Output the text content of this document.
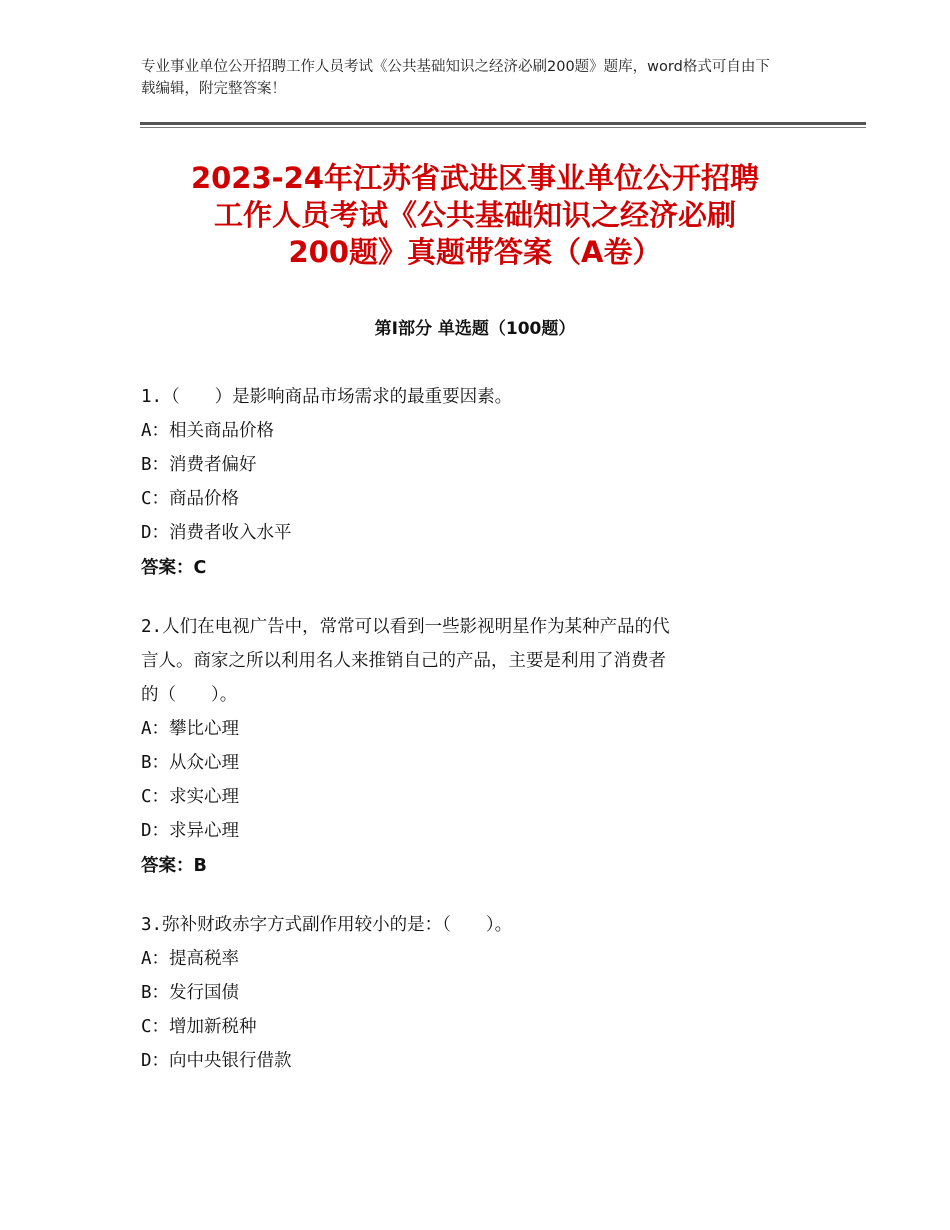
专业事业单位公开招聘工作人员考试《公共基础知识之经济必刷200题》题库，word格式可自由下载编辑，附完整答案！
2023-24年江苏省武进区事业单位公开招聘
工作人员考试《公共基础知识之经济必刷
200题》真题带答案（A卷）
第Ⅰ部分 单选题（100题）
1.（　　）是影响商品市场需求的最重要因素。
A：相关商品价格
B：消费者偏好
C：商品价格
D：消费者收入水平
答案：C
2.人们在电视广告中，常常可以看到一些影视明星作为某种产品的代
言人。商家之所以利用名人来推销自己的产品，主要是利用了消费者
的（　　）。
A：攀比心理
B：从众心理
C：求实心理
D：求异心理
答案：B
3.弥补财政赤字方式副作用较小的是：（　　）。
A：提高税率
B：发行国债
C：增加新税种
D：向中央银行借款
